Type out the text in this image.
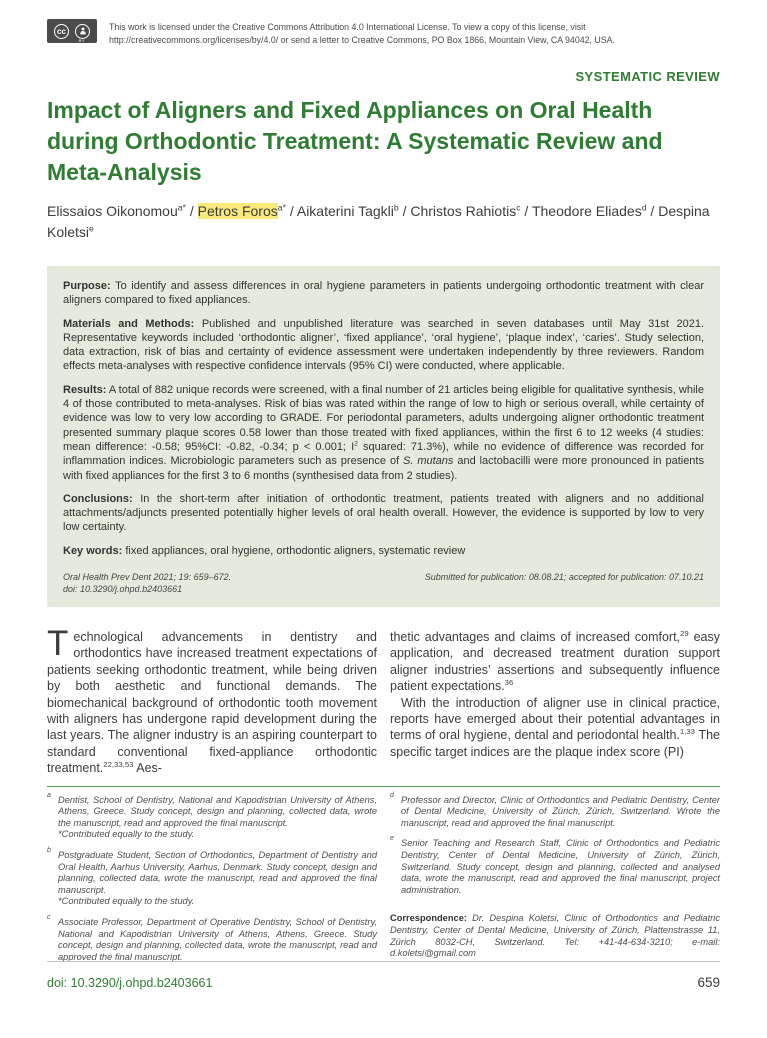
cc
BY
This work is licensed under the Creative Commons Attribution 4.0 International License. To view a copy of this license, visit
http://creativecommons.org/licenses/by/4.0/ or send a letter to Creative Commons, PO Box 1866, Mountain View, CA 94042, USA.
SYSTEMATIC REVIEW
Impact of Aligners and Fixed Appliances on Oral Health during Orthodontic Treatment: A Systematic Review and Meta-Analysis
Elissaios Oikonomou$^{a*}$ / Petros Foros$^{a*}$ / Aikaterini Tagkli$^b$ / Christos Rahiotis$^c$ / Theodore Eliades$^d$ / Despina Koletsi$^e$

Purpose: To identify and assess differences in oral hygiene parameters in patients undergoing orthodontic treatment with clear aligners compared to fixed appliances.

Materials and Methods: Published and unpublished literature was searched in seven databases until May 31st 2021. Representative keywords included ‘orthodontic aligner’, ‘fixed appliance’, ‘oral hygiene’, ‘plaque index’, ‘caries’. Study selection, data extraction, risk of bias and certainty of evidence assessment were undertaken independently by three reviewers. Random effects meta-analyses with respective confidence intervals (95% CI) were conducted, where applicable.

Results: A total of 882 unique records were screened, with a final number of 21 articles being eligible for qualitative synthesis, while 4 of those contributed to meta-analyses. Risk of bias was rated within the range of low to high or serious overall, while certainty of evidence was low to very low according to GRADE. For periodontal parameters, adults undergoing aligner orthodontic treatment presented summary plaque scores 0.58 lower than those treated with fixed appliances, within the first 6 to 12 weeks (4 studies: mean difference: -0.58; 95%CI: -0.82, -0.34; p < 0.001; $I^2$ squared: 71.3%), while no evidence of difference was recorded for inflammation indices. Microbiologic parameters such as presence of S. mutans and lactobacilli were more pronounced in patients with fixed appliances for the first 3 to 6 months (synthesised data from 2 studies).

Conclusions: In the short-term after initiation of orthodontic treatment, patients treated with aligners and no additional attachments/adjuncts presented potentially higher levels of oral health overall. However, the evidence is supported by low to very low certainty.

Key words: fixed appliances, oral hygiene, orthodontic aligners, systematic review

Oral Health Prev Dent 2021; 19: 659–672.
doi: 10.3290/j.ohpd.b2403661
Submitted for publication: 08.08.21; accepted for publication: 07.10.21

Technological advancements in dentistry and orthodontics have increased treatment expectations of patients seeking orthodontic treatment, while being driven by both aesthetic and functional demands. The biomechanical background of orthodontic tooth movement with aligners has undergone rapid development during the last years. The aligner industry is an aspiring counterpart to standard conventional fixed-appliance orthodontic treatment.$^{22,33,53}$ Aes-

thetic advantages and claims of increased comfort,$^{29}$ easy application, and decreased treatment duration support aligner industries’ assertions and subsequently influence patient expectations.$^{36}$

With the introduction of aligner use in clinical practice, reports have emerged about their potential advantages in terms of oral hygiene, dental and periodontal health.$^{1,33}$ The specific target indices are the plaque index score (PI)

a Dentist, School of Dentistry, National and Kapodistrian University of Athens, Athens, Greece. Study concept, design and planning, collected data, wrote the manuscript, read and approved the final manuscript.
*Contributed equally to the study.

b Postgraduate Student, Section of Orthodontics, Department of Dentistry and Oral Health, Aarhus University, Aarhus, Denmark. Study concept, design and planning, collected data, wrote the manuscript, read and approved the final manuscript.
*Contributed equally to the study.

c Associate Professor, Department of Operative Dentistry, School of Dentistry, National and Kapodistrian University of Athens, Athens, Greece. Study concept, design and planning, collected data, wrote the manuscript, read and approved the final manuscript.

d Professor and Director, Clinic of Orthodontics and Pediatric Dentistry, Center of Dental Medicine, University of Zürich, Zürich, Switzerland. Wrote the manuscript, read and approved the final manuscript.

e Senior Teaching and Research Staff, Clinic of Orthodontics and Pediatric Dentistry, Center of Dental Medicine, University of Zürich, Zürich, Switzerland. Study concept, design and planning, collected and analysed data, wrote the manuscript, read and approved the final manuscript, project administration.

Correspondence: Dr. Despina Koletsi, Clinic of Orthodontics and Pediatric Dentistry, Center of Dental Medicine, University of Zürich, Plattenstrasse 11, Zürich 8032-CH, Switzerland. Tel: +41-44-634-3210; e-mail: d.koletsi@gmail.com

doi: 10.3290/j.ohpd.b2403661	659
